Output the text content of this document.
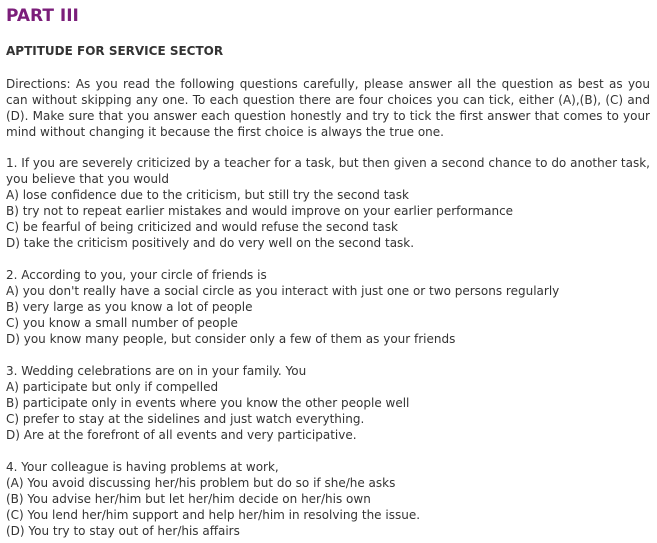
PART III
APTITUDE FOR SERVICE SECTOR

Directions: As you read the following questions carefully, please answer all the question as best as you can without skipping any one. To each question there are four choices you can tick, either (A),(B), (C) and (D). Make sure that you answer each question honestly and try to tick the first answer that comes to your mind without changing it because the first choice is always the true one.

1. If you are severely criticized by a teacher for a task, but then given a second chance to do another task, you believe that you would

A) lose confidence due to the criticism, but still try the second task
B) try not to repeat earlier mistakes and would improve on your earlier performance
C) be fearful of being criticized and would refuse the second task
D) take the criticism positively and do very well on the second task.

2. According to you, your circle of friends is

A) you don't really have a social circle as you interact with just one or two persons regularly
B) very large as you know a lot of people
C) you know a small number of people
D) you know many people, but consider only a few of them as your friends

3. Wedding celebrations are on in your family. You

A) participate but only if compelled
B) participate only in events where you know the other people well
C) prefer to stay at the sidelines and just watch everything.
D) Are at the forefront of all events and very participative.

4. Your colleague is having problems at work,

(A) You avoid discussing her/his problem but do so if she/he asks
(B) You advise her/him but let her/him decide on her/his own
(C) You lend her/him support and help her/him in resolving the issue.
(D) You try to stay out of her/his affairs
